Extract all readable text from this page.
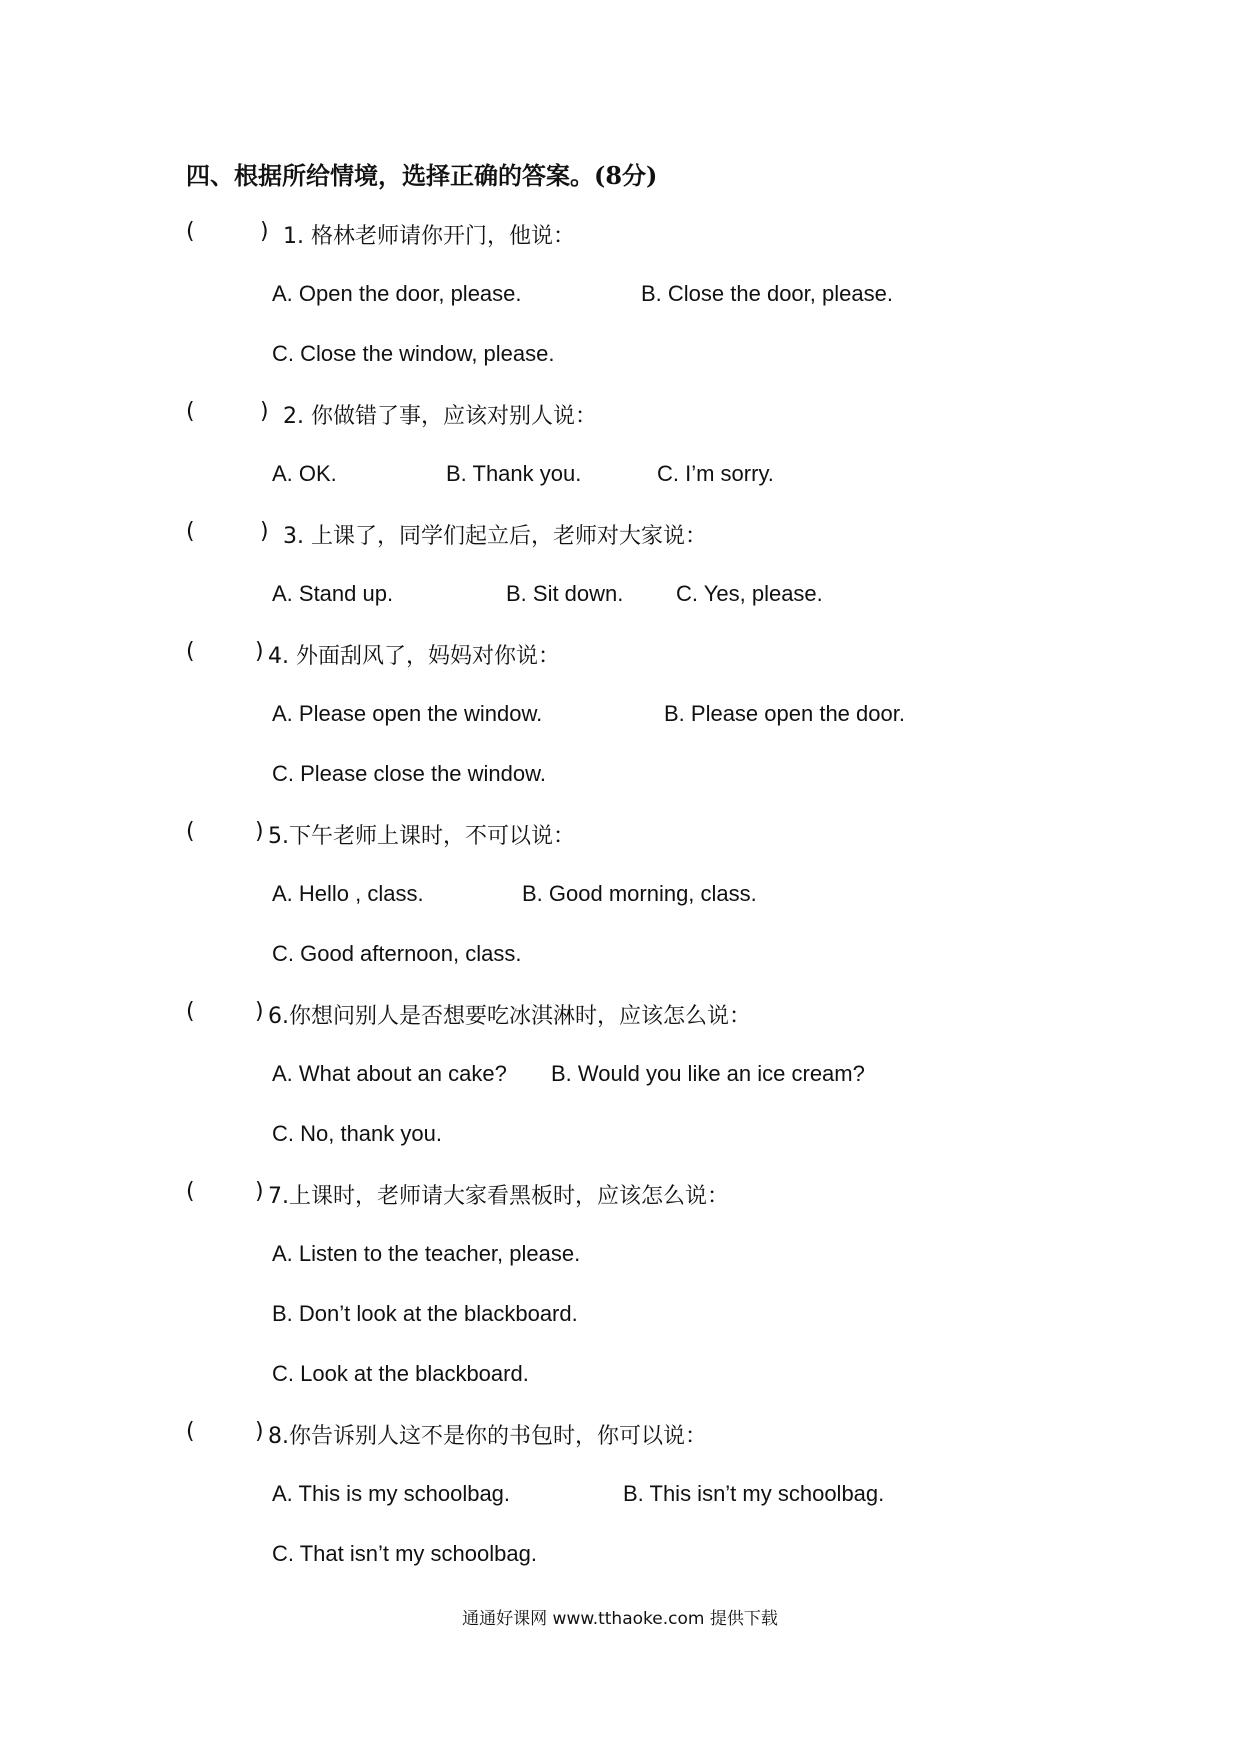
四、根据所给情境，选择正确的答案。(8分)
(	) 1. 格林老师请你开门，他说：
A. Open the door, please.	B. Close the door, please.
C. Close the window, please.
(	) 2. 你做错了事，应该对别人说：
A. OK.	B. Thank you.	C. I’m sorry.
(	) 3. 上课了，同学们起立后，老师对大家说：
A. Stand up.	B. Sit down. C. Yes, please.
(	) 4. 外面刮风了，妈妈对你说：
A. Please open the window.	B. Please open the door.
C. Please close the window.
(	) 5.下午老师上课时，不可以说：
A. Hello , class.	B. Good morning, class.
C. Good afternoon, class.
(	) 6.你想问别人是否想要吃冰淇淋时，应该怎么说：
A. What about an cake? B. Would you like an ice cream?
C. No, thank you.
(	) 7.上课时，老师请大家看黑板时，应该怎么说：
A. Listen to the teacher, please.
B. Don’t look at the blackboard.
C. Look at the blackboard.
(	) 8.你告诉别人这不是你的书包时，你可以说：
A. This is my schoolbag.	B. This isn’t my schoolbag.
C. That isn’t my schoolbag.
通通好课网 www.tthaoke.com 提供下载
